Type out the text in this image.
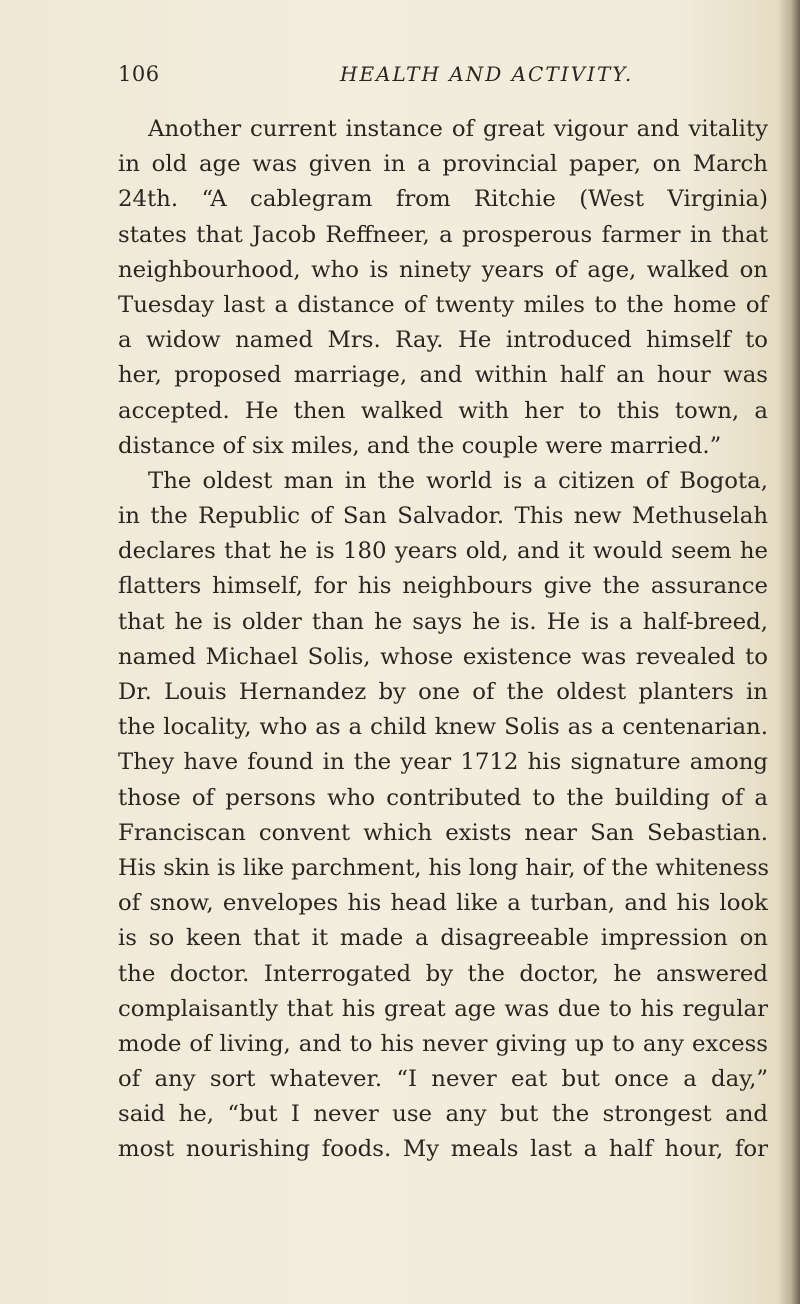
106	HEALTH AND ACTIVITY.
Another current instance of great vigour and vitality
in old age was given in a provincial paper, on March
24th. “A cablegram from Ritchie (West Virginia)
states that Jacob Reffneer, a prosperous farmer in that
neighbourhood, who is ninety years of age, walked on
Tuesday last a distance of twenty miles to the home of
a widow named Mrs. Ray. He introduced himself to
her, proposed marriage, and within half an hour was
accepted. He then walked with her to this town, a
distance of six miles, and the couple were married.”
The oldest man in the world is a citizen of Bogota,
in the Republic of San Salvador. This new Methuselah
declares that he is 180 years old, and it would seem he
flatters himself, for his neighbours give the assurance
that he is older than he says he is. He is a half-breed,
named Michael Solis, whose existence was revealed to
Dr. Louis Hernandez by one of the oldest planters in
the locality, who as a child knew Solis as a centenarian.
They have found in the year 1712 his signature among
those of persons who contributed to the building of a
Franciscan convent which exists near San Sebastian.
His skin is like parchment, his long hair, of the whiteness
of snow, envelopes his head like a turban, and his look
is so keen that it made a disagreeable impression on
the doctor. Interrogated by the doctor, he answered
complaisantly that his great age was due to his regular
mode of living, and to his never giving up to any excess
of any sort whatever. “I never eat but once a day,”
said he, “but I never use any but the strongest and
most nourishing foods. My meals last a half hour, for
